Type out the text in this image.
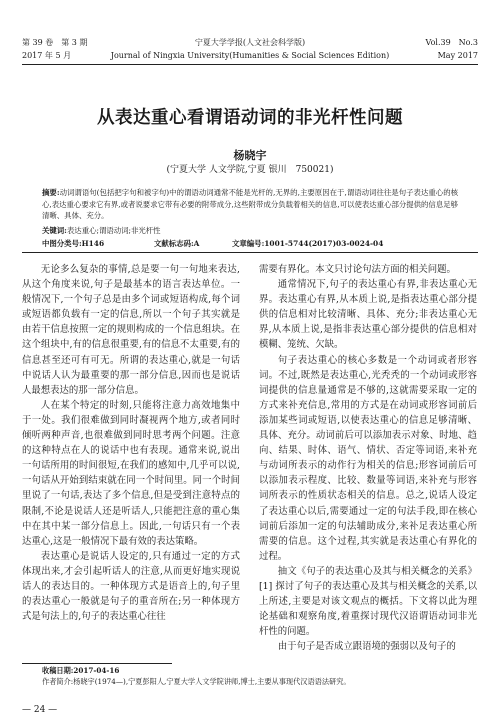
第 39 卷　第 3 期	宁夏大学学报(人文社会科学版)	Vol.39　No.3
2017 年 5 月	Journal of Ningxia University(Humanities & Social Sciences Edition)	May 2017
从表达重心看谓语动词的非光杆性问题
杨晓宇
(宁夏大学 人文学院,宁夏 银川　750021)
摘要:动词谓语句(包括把字句和被字句)中的谓语动词通常不能是光杆的,无界的,主要原因在于,谓语动词往往是句子表达重心的核心,表达重心要求它有界,或者说要求它带有必要的附带成分,这些附带成分负载着相关的信息,可以使表达重心部分提供的信息足够清晰、具体、充分。
关键词:表达重心;谓语动词;非光杆性
中图分类号:H146	文献标志码:A	文章编号:1001-5744(2017)03-0024-04

无论多么复杂的事情,总是要一句一句地来表达,从这个角度来说,句子是最基本的语言表达单位。一般情况下,一个句子总是由多个词或短语构成,每个词或短语都负载有一定的信息,所以一个句子其实就是由若干信息按照一定的规则构成的一个信息组块。在这个组块中,有的信息很重要,有的信息不太重要,有的信息甚至还可有可无。所谓的表达重心,就是一句话中说话人认为最重要的那一部分信息,因而也是说话人最想表达的那一部分信息。

人在某个特定的时刻,只能将注意力高效地集中于一处。我们很难做到同时凝视两个地方,或者同时倾听两种声音,也很难做到同时思考两个问题。注意的这种特点在人的说话中也有表现。通常来说,说出一句话所用的时间很短,在我们的感知中,几乎可以说,一句话从开始到结束就在同一个时间里。同一个时间里说了一句话,表达了多个信息,但是受到注意特点的限制,不论是说话人还是听话人,只能把注意的重心集中在其中某一部分信息上。因此,一句话只有一个表达重心,这是一般情况下最有效的表达策略。

表达重心是说话人设定的,只有通过一定的方式体现出来,才会引起听话人的注意,从而更好地实现说话人的表达目的。一种体现方式是语音上的,句子里的表达重心一般就是句子的重音所在;另一种体现方式是句法上的,句子的表达重心往往

需要有界化。本文只讨论句法方面的相关问题。

通常情况下,句子的表达重心有界,非表达重心无界。表达重心有界,从本质上说,是指表达重心部分提供的信息相对比较清晰、具体、充分;非表达重心无界,从本质上说,是指非表达重心部分提供的信息相对模糊、笼统、欠缺。

句子表达重心的核心多数是一个动词或者形容词。不过,既然是表达重心,光秃秃的一个动词或形容词提供的信息量通常是不够的,这就需要采取一定的方式来补充信息,常用的方式是在动词或形容词前后添加某些词或短语,以使表达重心的信息足够清晰、具体、充分。动词前后可以添加表示对象、时地、趋向、结果、时体、语气、情状、否定等词语,来补充与动词所表示的动作行为相关的信息;形容词前后可以添加表示程度、比较、数量等词语,来补充与形容词所表示的性质状态相关的信息。总之,说话人设定了表达重心以后,需要通过一定的句法手段,即在核心词前后添加一定的句法辅助成分,来补足表达重心所需要的信息。这个过程,其实就是表达重心有界化的过程。

抽文《句子的表达重心及其与相关概念的关系》[1] 探讨了句子的表达重心及其与相关概念的关系,以上所述,主要是对该文观点的概括。下文将以此为理论基础和观察角度,着重探讨现代汉语谓语动词非光杆性的问题。

由于句子是否成立跟语境的强弱以及句子的

收稿日期:2017-04-16
作者简介:杨晓宇(1974—),宁夏彭阳人,宁夏大学人文学院讲师,博士,主要从事现代汉语语法研究。
— 24 —
